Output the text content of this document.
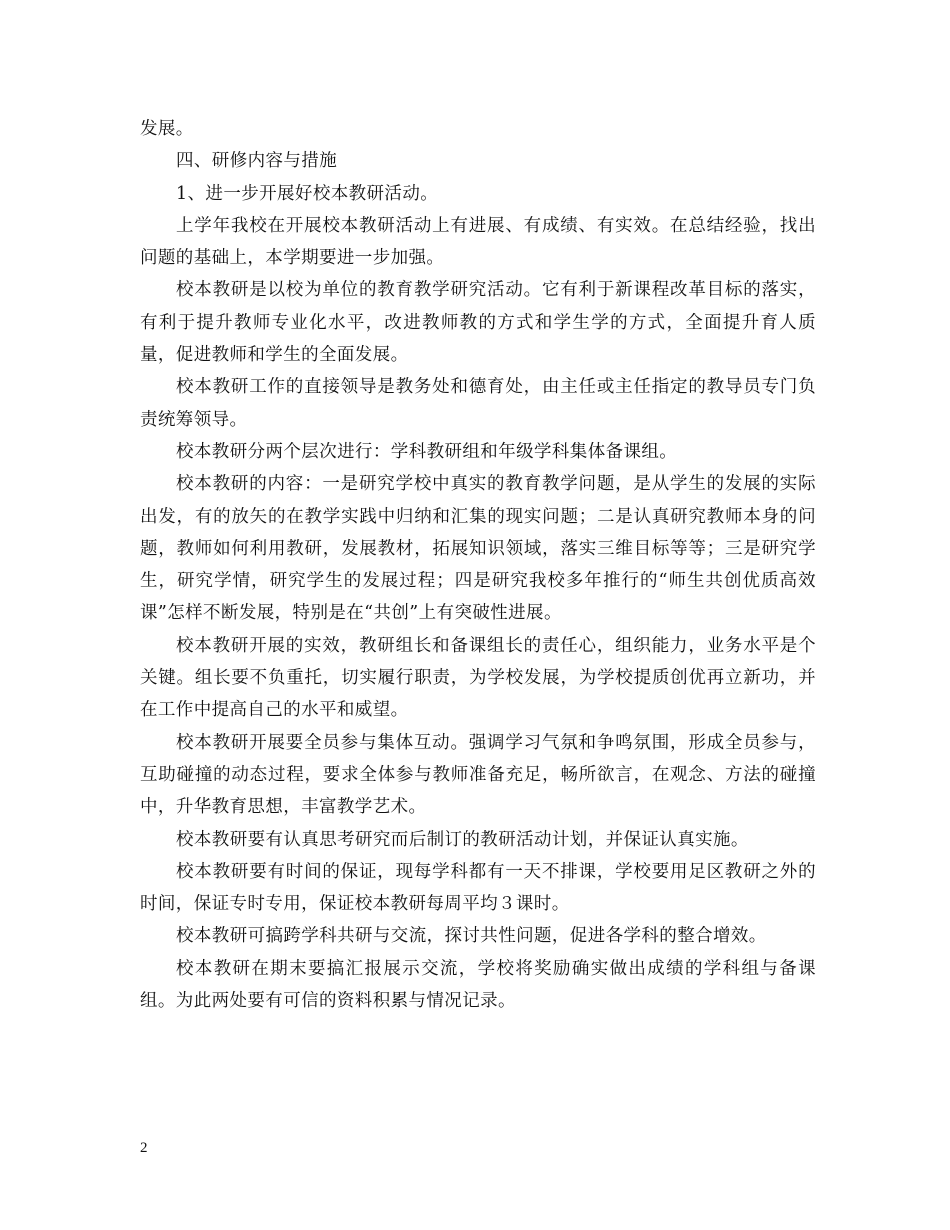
发展。

四、研修内容与措施

1、进一步开展好校本教研活动。

上学年我校在开展校本教研活动上有进展、有成绩、有实效。在总结经验，找出问题的基础上，本学期要进一步加强。

校本教研是以校为单位的教育教学研究活动。它有利于新课程改革目标的落实，有利于提升教师专业化水平，改进教师教的方式和学生学的方式，全面提升育人质量，促进教师和学生的全面发展。

校本教研工作的直接领导是教务处和德育处，由主任或主任指定的教导员专门负责统筹领导。

校本教研分两个层次进行：学科教研组和年级学科集体备课组。

校本教研的内容：一是研究学校中真实的教育教学问题，是从学生的发展的实际出发，有的放矢的在教学实践中归纳和汇集的现实问题；二是认真研究教师本身的问题，教师如何利用教研，发展教材，拓展知识领域，落实三维目标等等；三是研究学生，研究学情，研究学生的发展过程；四是研究我校多年推行的“师生共创优质高效课”怎样不断发展，特别是在“共创”上有突破性进展。

校本教研开展的实效，教研组长和备课组长的责任心，组织能力，业务水平是个关键。组长要不负重托，切实履行职责，为学校发展，为学校提质创优再立新功，并在工作中提高自己的水平和威望。

校本教研开展要全员参与集体互动。强调学习气氛和争鸣氛围，形成全员参与，互助碰撞的动态过程，要求全体参与教师准备充足，畅所欲言，在观念、方法的碰撞中，升华教育思想，丰富教学艺术。

校本教研要有认真思考研究而后制订的教研活动计划，并保证认真实施。

校本教研要有时间的保证，现每学科都有一天不排课，学校要用足区教研之外的时间，保证专时专用，保证校本教研每周平均３课时。

校本教研可搞跨学科共研与交流，探讨共性问题，促进各学科的整合增效。

校本教研在期末要搞汇报展示交流，学校将奖励确实做出成绩的学科组与备课组。为此两处要有可信的资料积累与情况记录。

2
